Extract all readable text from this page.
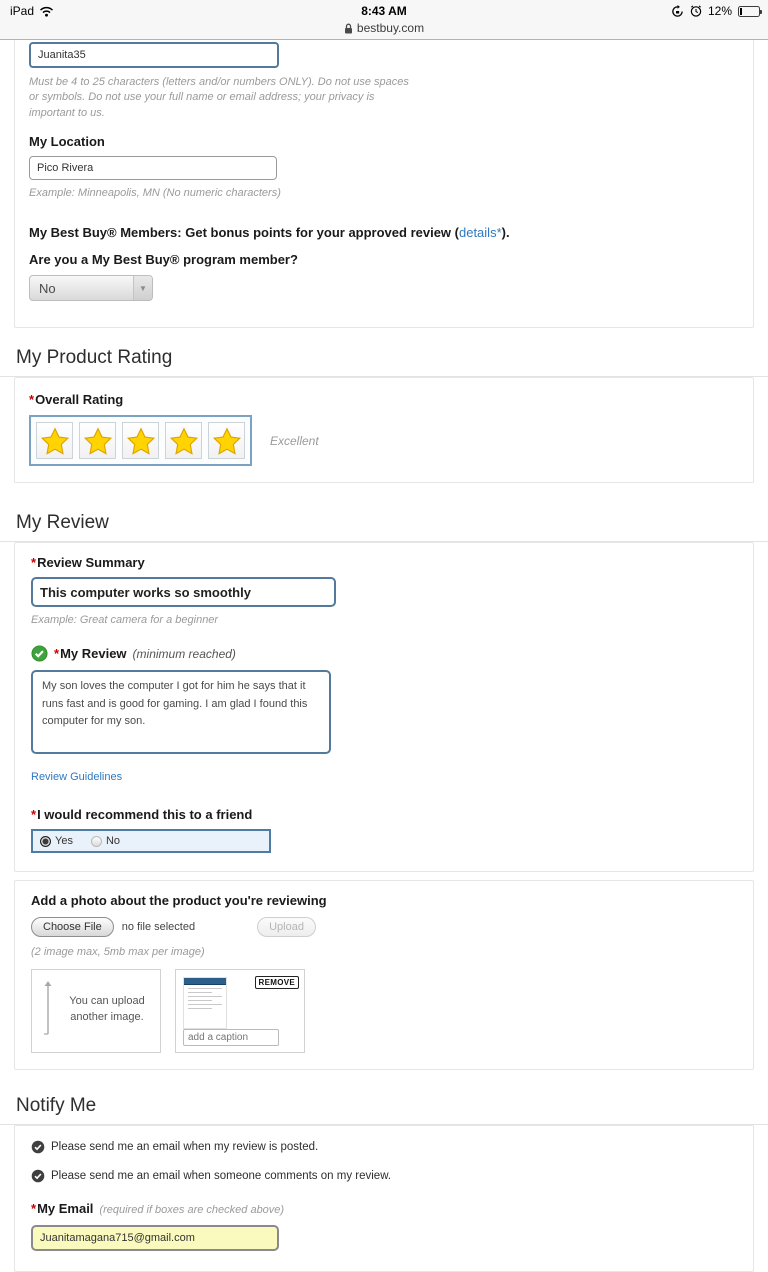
iPad	8:43 AM
bestbuy.com
12%
Juanita35
Must be 4 to 25 characters (letters and/or numbers ONLY). Do not use spaces or symbols. Do not use your full name or email address; your privacy is important to us.
My Location
Pico Rivera
Example: Minneapolis, MN (No numeric characters)
My Best Buy® Members: Get bonus points for your approved review (details*).
Are you a My Best Buy® program member?
No	▼
My Product Rating
*Overall Rating
Excellent
My Review
*Review Summary
This computer works so smoothly
Example: Great camera for a beginner
*My Review (minimum reached)
My son loves the computer I got for him he says that it runs fast and is good for gaming. I am glad I found this computer for my son.
Review Guidelines
*I would recommend this to a friend
Yes	No
Add a photo about the product you're reviewing
Choose File	no file selected	Upload
(2 image max, 5mb max per image)
You can upload another image.
REMOVE
add a caption
Notify Me
Please send me an email when my review is posted.
Please send me an email when someone comments on my review.
*My Email (required if boxes are checked above)
Juanitamagana715@gmail.com
